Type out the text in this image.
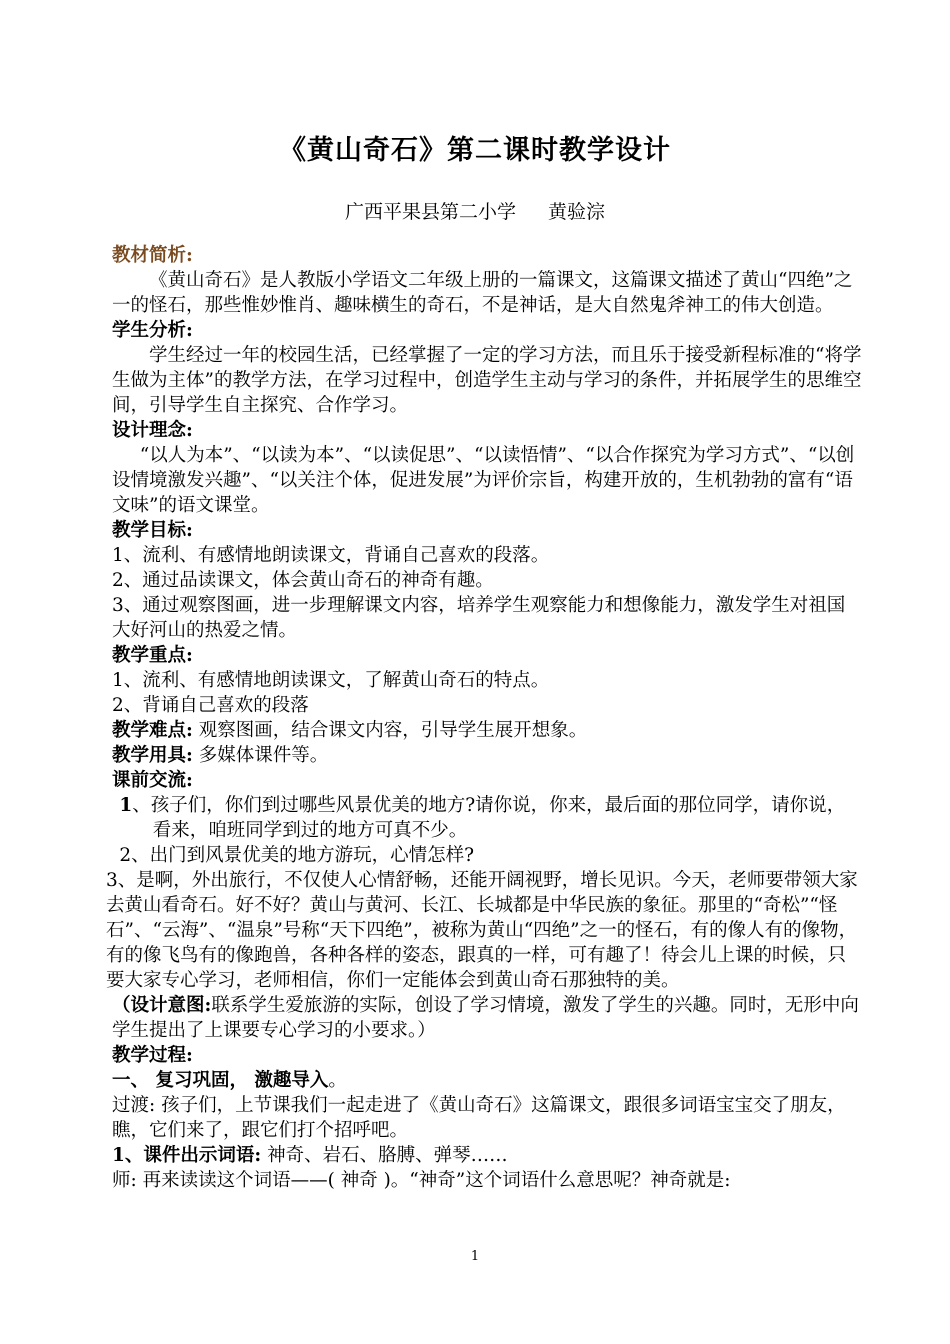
《黄山奇石》第二课时教学设计
广西平果县第二小学 黄验淙

教材简析:

《黄山奇石》是人教版小学语文二年级上册的一篇课文，这篇课文描述了黄山“四绝”之一的怪石，那些惟妙惟肖、趣味横生的奇石，不是神话，是大自然鬼斧神工的伟大创造。

学生分析:

学生经过一年的校园生活，已经掌握了一定的学习方法，而且乐于接受新程标准的“将学生做为主体”的教学方法，在学习过程中，创造学生主动与学习的条件，并拓展学生的思维空间，引导学生自主探究、合作学习。

设计理念:

“以人为本”、“以读为本”、“以读促思”、“以读悟情”、“以合作探究为学习方式”、“以创设情境激发兴趣”、“以关注个体，促进发展”为评价宗旨，构建开放的，生机勃勃的富有“语文味”的语文课堂。

教学目标:

1、流利、有感情地朗读课文，背诵自己喜欢的段落。

2、通过品读课文，体会黄山奇石的神奇有趣。

3、通过观察图画，进一步理解课文内容，培养学生观察能力和想像能力，激发学生对祖国大好河山的热爱之情。

教学重点:

1、流利、有感情地朗读课文，了解黄山奇石的特点。

2、背诵自己喜欢的段落

教学难点: 观察图画，结合课文内容，引导学生展开想象。

教学用具: 多媒体课件等。

课前交流:

1、孩子们，你们到过哪些风景优美的地方?请你说，你来，最后面的那位同学，请你说，看来，咱班同学到过的地方可真不少。

2、出门到风景优美的地方游玩，心情怎样?

3、是啊，外出旅行，不仅使人心情舒畅，还能开阔视野，增长见识。今天，老师要带领大家去黄山看奇石。好不好？黄山与黄河、长江、长城都是中华民族的象征。那里的“奇松”“怪石”、“云海”、“温泉”号称“天下四绝”，被称为黄山“四绝”之一的怪石，有的像人有的像物，有的像飞鸟有的像跑兽，各种各样的姿态，跟真的一样，可有趣了！待会儿上课的时候，只要大家专心学习，老师相信，你们一定能体会到黄山奇石那独特的美。

（设计意图:联系学生爱旅游的实际，创设了学习情境，激发了学生的兴趣。同时，无形中向学生提出了上课要专心学习的小要求。）

教学过程:

一、 复习巩固， 激趣导入。

过渡: 孩子们，上节课我们一起走进了《黄山奇石》这篇课文，跟很多词语宝宝交了朋友，瞧，它们来了，跟它们打个招呼吧。

1、课件出示词语: 神奇、岩石、胳膊、弹琴……

师: 再来读读这个词语——( 神奇 )。“神奇”这个词语什么意思呢？神奇就是:

1
